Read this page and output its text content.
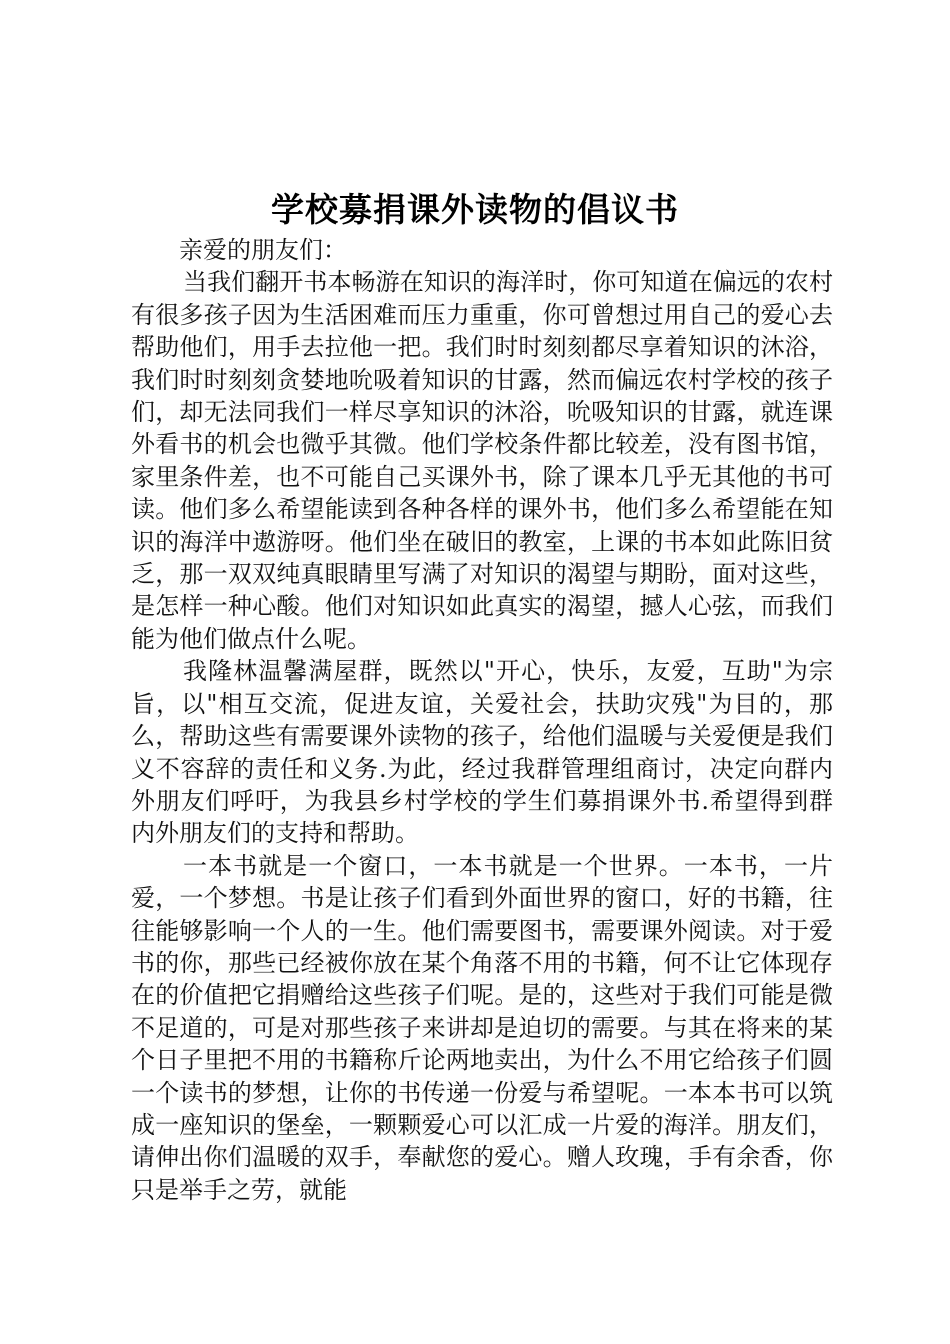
学校募捐课外读物的倡议书

亲爱的朋友们：

当我们翻开书本畅游在知识的海洋时，你可知道在偏远的农村有很多孩子因为生活困难而压力重重，你可曾想过用自己的爱心去帮助他们，用手去拉他一把。我们时时刻刻都尽享着知识的沐浴，我们时时刻刻贪婪地吮吸着知识的甘露，然而偏远农村学校的孩子们，却无法同我们一样尽享知识的沐浴，吮吸知识的甘露，就连课外看书的机会也微乎其微。他们学校条件都比较差，没有图书馆，家里条件差，也不可能自己买课外书，除了课本几乎无其他的书可读。他们多么希望能读到各种各样的课外书，他们多么希望能在知识的海洋中遨游呀。他们坐在破旧的教室，上课的书本如此陈旧贫乏，那一双双纯真眼睛里写满了对知识的渴望与期盼，面对这些，是怎样一种心酸。他们对知识如此真实的渴望，撼人心弦，而我们能为他们做点什么呢。

我隆林温馨满屋群，既然以"开心，快乐，友爱，互助"为宗旨，以"相互交流，促进友谊，关爱社会，扶助灾残"为目的，那么，帮助这些有需要课外读物的孩子，给他们温暖与关爱便是我们义不容辞的责任和义务.为此，经过我群管理组商讨，决定向群内外朋友们呼吁，为我县乡村学校的学生们募捐课外书.希望得到群内外朋友们的支持和帮助。

一本书就是一个窗口，一本书就是一个世界。一本书，一片爱，一个梦想。书是让孩子们看到外面世界的窗口，好的书籍，往往能够影响一个人的一生。他们需要图书，需要课外阅读。对于爱书的你，那些已经被你放在某个角落不用的书籍，何不让它体现存在的价值把它捐赠给这些孩子们呢。是的，这些对于我们可能是微不足道的，可是对那些孩子来讲却是迫切的需要。与其在将来的某个日子里把不用的书籍称斤论两地卖出，为什么不用它给孩子们圆一个读书的梦想，让你的书传递一份爱与希望呢。一本本书可以筑成一座知识的堡垒，一颗颗爱心可以汇成一片爱的海洋。朋友们，请伸出你们温暖的双手，奉献您的爱心。赠人玫瑰，手有余香，你只是举手之劳，就能
